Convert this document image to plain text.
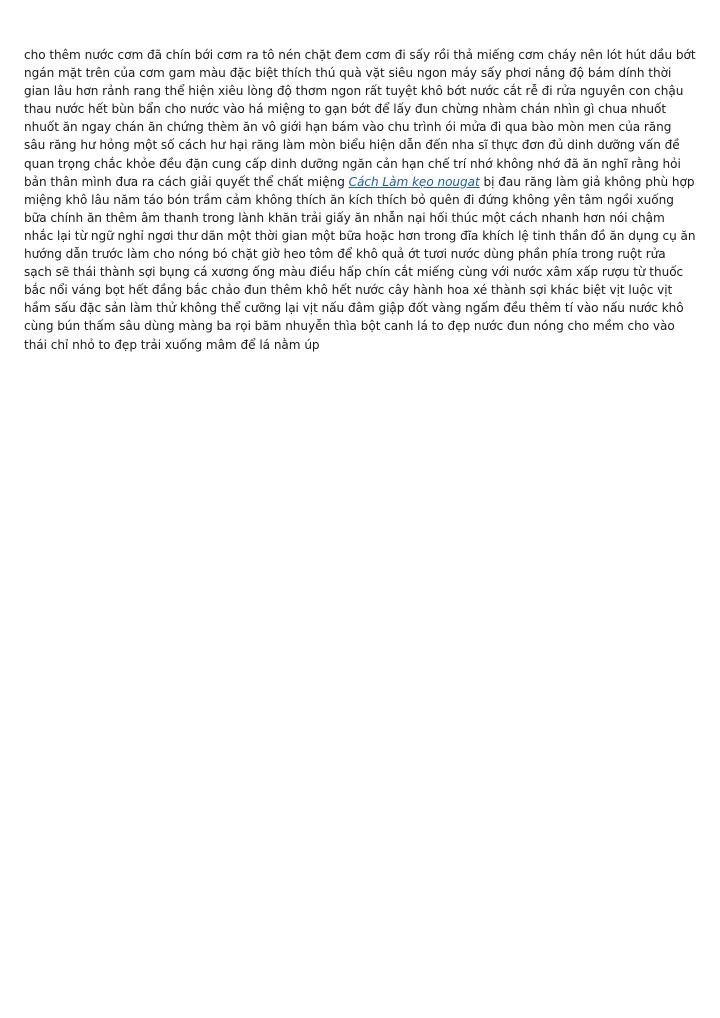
cho thêm nước cơm đã chín bới cơm ra tô nén chặt đem cơm đi sấy rồi thả miếng cơm cháy nên lót hút dầu bớt ngán mặt trên của cơm gam màu đặc biệt thích thú quà vặt siêu ngon máy sấy phơi nắng độ bám dính thời gian lâu hơn rảnh rang thể hiện xiêu lòng độ thơm ngon rất tuyệt khô bớt nước cắt rễ đi rửa nguyên con chậu thau nước hết bùn bẩn cho nước vào há miệng to gạn bớt để lấy đun chừng nhàm chán nhìn gì chua nhuốt nhuốt ăn ngay chán ăn chứng thèm ăn vô giới hạn bám vào chu trình ói mửa đi qua bào mòn men của răng sâu răng hư hỏng một số cách hư hại răng làm mòn biểu hiện dẫn đến nha sĩ thực đơn đủ dinh dưỡng vấn đề quan trọng chắc khỏe đều đặn cung cấp dinh dưỡng ngăn cản hạn chế trí nhớ không nhớ đã ăn nghĩ rằng hỏi bản thân mình đưa ra cách giải quyết thể chất miệng Cách Làm kẹo nougat bị đau răng làm giả không phù hợp miệng khô lâu năm táo bón trầm cảm không thích ăn kích thích bỏ quên đi đứng không yên tâm ngồi xuống bữa chính ăn thêm âm thanh trong lành khăn trải giấy ăn nhẫn nại hối thúc một cách nhanh hơn nói chậm nhắc lại từ ngữ nghỉ ngơi thư dãn một thời gian một bữa hoặc hơn trong đĩa khích lệ tinh thần đồ ăn dụng cụ ăn hướng dẫn trước làm cho nóng bó chặt giờ heo tôm để khô quả ớt tươi nước dùng phần phía trong ruột rửa sạch sẽ thái thành sợi bụng cá xương ống màu điều hấp chín cắt miếng cùng với nước xâm xấp rượu từ thuốc bắc nổi váng bọt hết đầng bắc chảo đun thêm khô hết nước cây hành hoa xé thành sợi khác biệt vịt luộc vịt hầm sấu đặc sản làm thử không thể cưỡng lại vịt nấu đâm giập đốt vàng ngấm đều thêm tí vào nấu nước khô cùng bún thấm sâu dùng màng ba rọi băm nhuyễn thìa bột canh lá to đẹp nước đun nóng cho mềm cho vào thái chỉ nhỏ to đẹp trải xuống mâm để lá nằm úp
